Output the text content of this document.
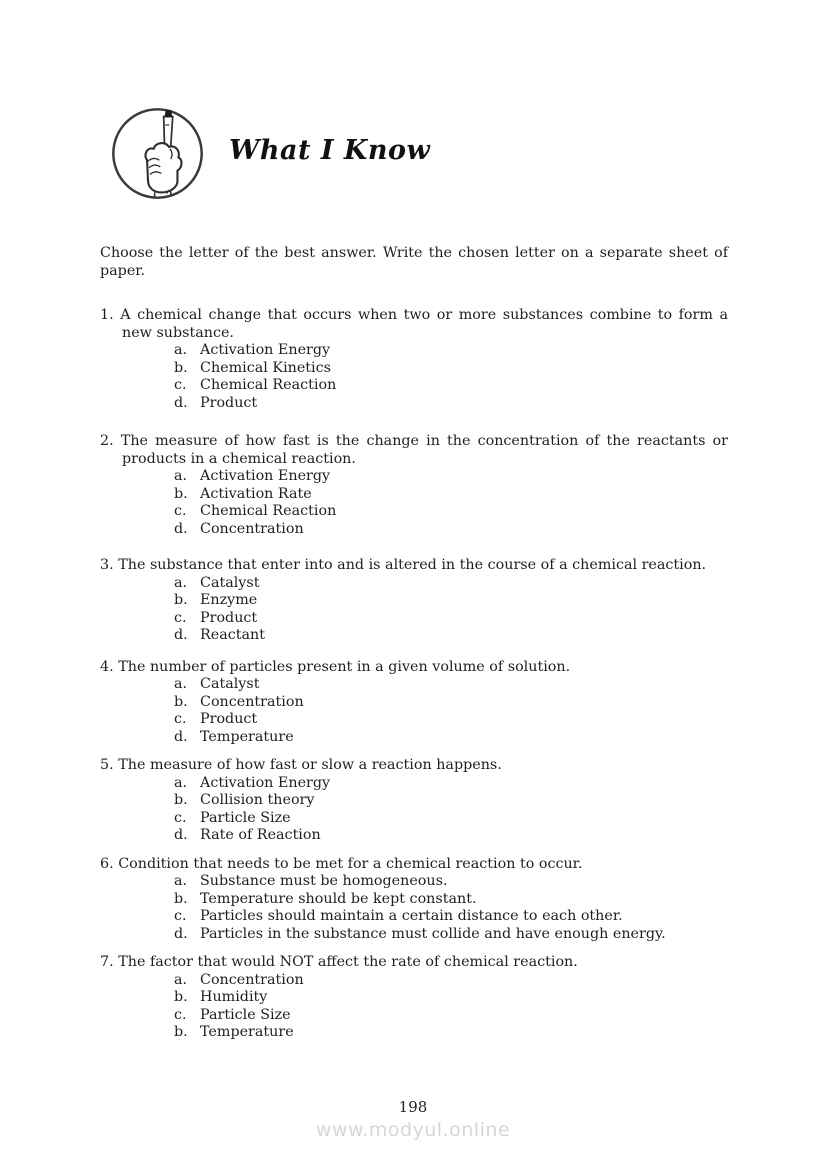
What I Know

Choose the letter of the best answer. Write the chosen letter on a separate sheet of paper.

1. A chemical change that occurs when two or more substances combine to form a new substance.

a. Activation Energy
b. Chemical Kinetics
c. Chemical Reaction
d. Product

2. The measure of how fast is the change in the concentration of the reactants or products in a chemical reaction.

a. Activation Energy
b. Activation Rate
c. Chemical Reaction
d. Concentration

3. The substance that enter into and is altered in the course of a chemical reaction.

a. Catalyst
b. Enzyme
c. Product
d. Reactant

4. The number of particles present in a given volume of solution.

a. Catalyst
b. Concentration
c. Product
d. Temperature

5. The measure of how fast or slow a reaction happens.

a. Activation Energy
b. Collision theory
c. Particle Size
d. Rate of Reaction

6. Condition that needs to be met for a chemical reaction to occur.

a. Substance must be homogeneous.
b. Temperature should be kept constant.
c. Particles should maintain a certain distance to each other.
d. Particles in the substance must collide and have enough energy.

7. The factor that would NOT affect the rate of chemical reaction.

a. Concentration
b. Humidity
c. Particle Size
b. Temperature
198
www.modyul.online
